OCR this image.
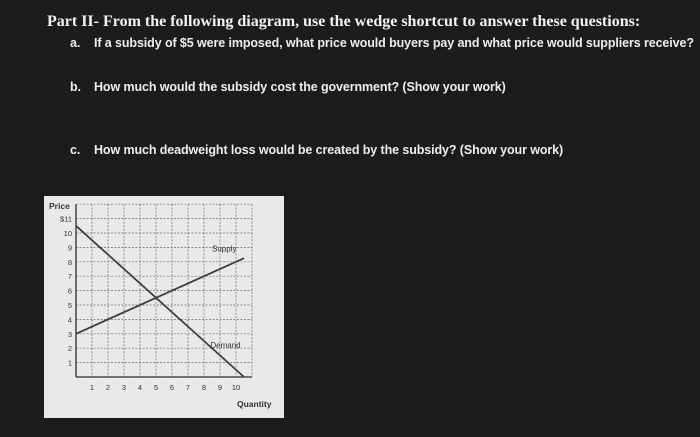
Part II- From the following diagram, use the wedge shortcut to answer these questions:
a. If a subsidy of $5 were imposed, what price would buyers pay and what price would suppliers receive?
b. How much would the subsidy cost the government? (Show your work)
c. How much deadweight loss would be created by the subsidy? (Show your work)
Supply
Demand
$11
10
9
8
7
6
5
4
3
2
1
1 2 3 4 5 6 7 8 9 10
Price
Quantity
